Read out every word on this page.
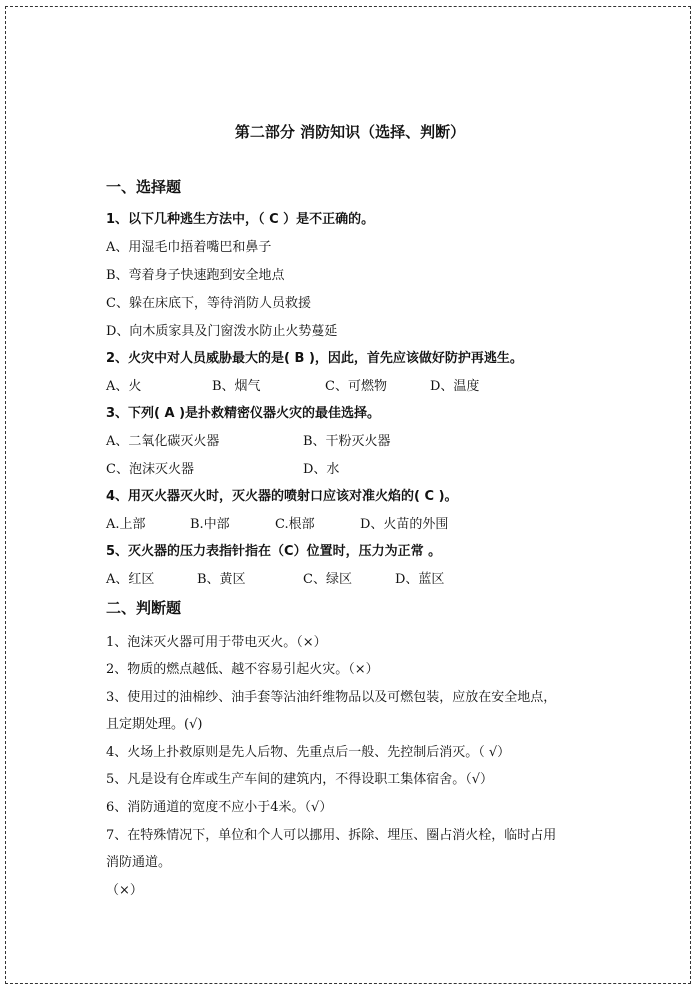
第二部分 消防知识（选择、判断）
一、选择题
1、以下几种逃生方法中，（ C ）是不正确的。
A、用湿毛巾捂着嘴巴和鼻子
B、弯着身子快速跑到安全地点
C、躲在床底下，等待消防人员救援
D、向木质家具及门窗泼水防止火势蔓延
2、火灾中对人员威胁最大的是( B )，因此，首先应该做好防护再逃生。
A、火	B、烟气	C、可燃物	D、温度
3、下列( A )是扑救精密仪器火灾的最佳选择。
A、二氧化碳灭火器	B、干粉灭火器
C、泡沫灭火器	D、水
4、用灭火器灭火时，灭火器的喷射口应该对准火焰的( C )。
A.上部	B.中部	C.根部	D、火苗的外围
5、灭火器的压力表指针指在（C）位置时，压力为正常 。
A、红区	B、黄区	C、绿区	D、蓝区
二、判断题
1、泡沫灭火器可用于带电灭火。（×）
2、物质的燃点越低、越不容易引起火灾。（×）
3、使用过的油棉纱、油手套等沾油纤维物品以及可燃包装，应放在安全地点，
且定期处理。(√)
4、火场上扑救原则是先人后物、先重点后一般、先控制后消灭。（ √）
5、凡是设有仓库或生产车间的建筑内，不得设职工集体宿舍。（√）
6、消防通道的宽度不应小于4米。（√）
7、在特殊情况下，单位和个人可以挪用、拆除、埋压、圈占消火栓，临时占用
消防通道。
（×）
